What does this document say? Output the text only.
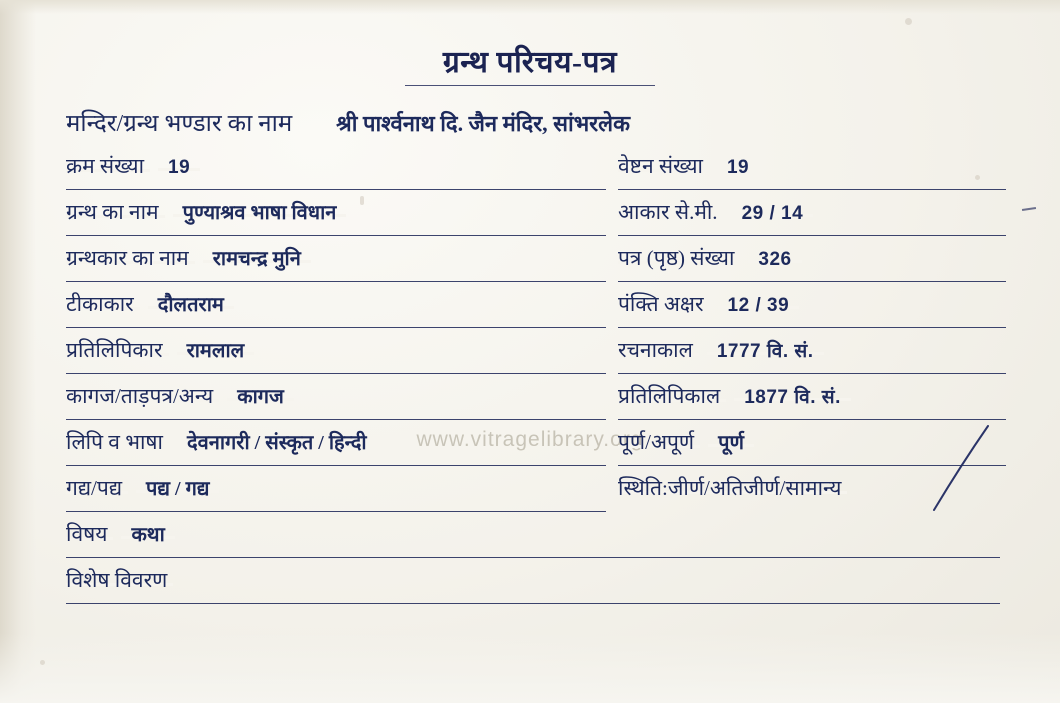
ग्रन्थ परिचय-पत्र
मन्दिर/ग्रन्थ भण्डार का नाम श्री पार्श्वनाथ दि. जैन मंदिर, सांभरलेक
क्रम संख्या	19	वेष्टन संख्या	19
ग्रन्थ का नाम	पुण्याश्रव भाषा विधान	आकार से.मी.	29 / 14
ग्रन्थकार का नाम	रामचन्द्र मुनि	पत्र (पृष्ठ) संख्या	326
टीकाकार	दौलतराम	पंक्ति अक्षर	12 / 39
प्रतिलिपिकार	रामलाल	रचनाकाल	1777 वि. सं.
कागज/ताड़पत्र/अन्य	कागज	प्रतिलिपिकाल	1877 वि. सं.
लिपि व भाषा	देवनागरी / संस्कृत / हिन्दी	पूर्ण/अपूर्ण	पूर्ण
गद्य/पद्य	पद्य / गद्य	स्थिति:जीर्ण/अतिजीर्ण/सामान्य
विषय	कथा
विशेष विवरण
www.vitragelibrary.org
